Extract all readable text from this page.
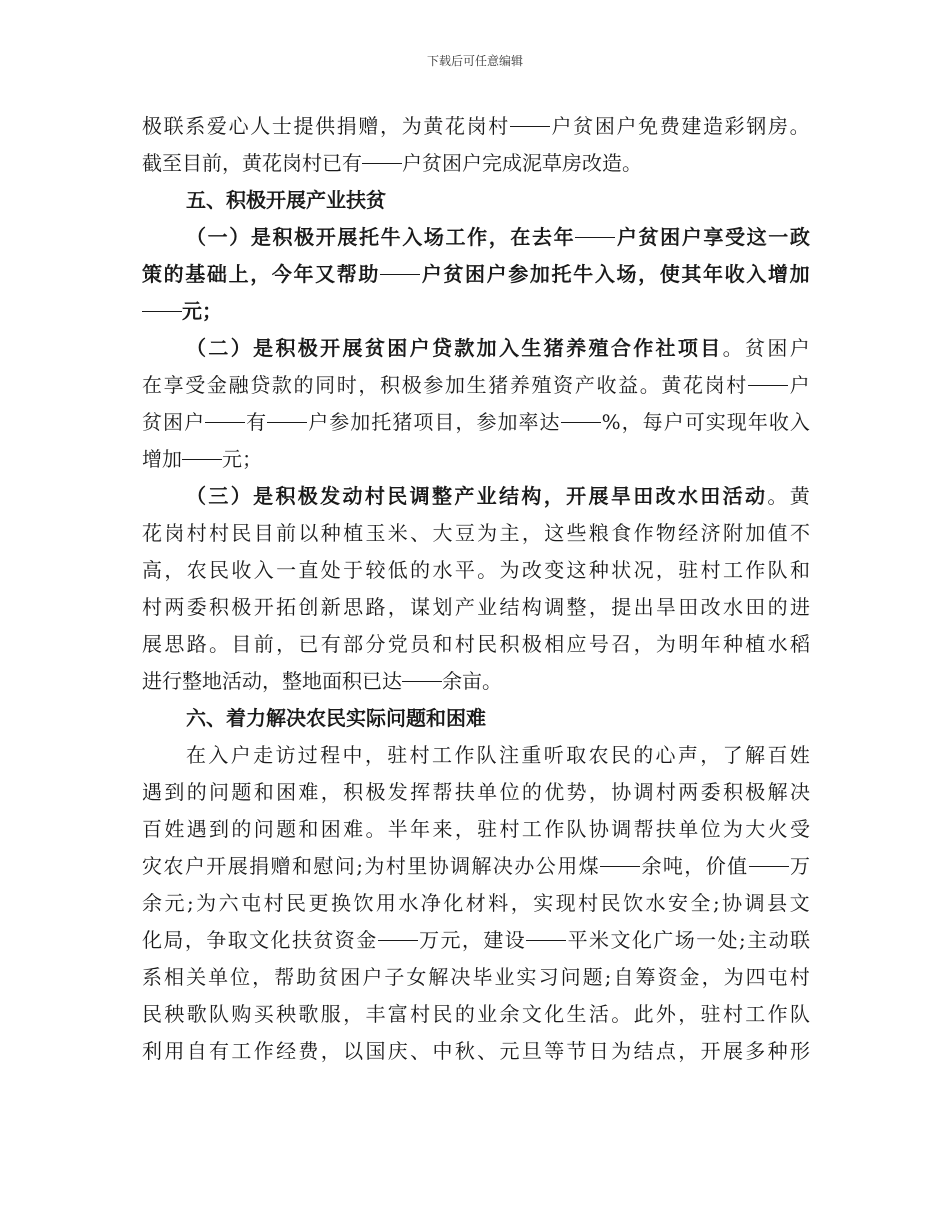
下载后可任意编辑
极 联 系 爱 心 人 士 提 供 捐 赠 ， 为 黄 花 岗 村 户 贫 困 户 免 费 建 造 彩 钢 房 。
截 至 目 前 ， 黄 花 岗 村 已 有 户 贫 困 户 完 成 泥 草 房 改 造 。
五 、 积 极 开 展 产 业 扶 贫
（ 一 ） 是 积 极 开 展 托 牛 入 场 工 作 ， 在 去 年 户 贫 困 户 享 受 这 一 政
策 的 基 础 上 ， 今 年 又 帮 助 户 贫 困 户 参 加 托 牛 入 场 ， 使 其 年 收 入 增 加
元 ；
（ 二 ） 是 积 极 开 展 贫 困 户 贷 款 加 入 生 猪 养 殖 合 作 社 项 目 。 贫 困 户
在 享 受 金 融 贷 款 的 同 时 ， 积 极 参 加 生 猪 养 殖 资 产 收 益 。 黄 花 岗 村 户
贫 困 户 有 户 参 加 托 猪 项 目 ， 参 加 率 达 % ， 每 户 可 实 现 年 收 入
增 加 元 ；
（ 三 ） 是 积 极 发 动 村 民 调 整 产 业 结 构 ， 开 展 旱 田 改 水 田 活 动 。 黄
花 岗 村 村 民 目 前 以 种 植 玉 米 、 大 豆 为 主 ， 这 些 粮 食 作 物 经 济 附 加 值 不
高 ， 农 民 收 入 一 直 处 于 较 低 的 水 平 。 为 改 变 这 种 状 况 ， 驻 村 工 作 队 和
村 两 委 积 极 开 拓 创 新 思 路 ， 谋 划 产 业 结 构 调 整 ， 提 出 旱 田 改 水 田 的 进
展 思 路 。 目 前 ， 已 有 部 分 党 员 和 村 民 积 极 相 应 号 召 ， 为 明 年 种 植 水 稻
进 行 整 地 活 动 ， 整 地 面 积 已 达 余 亩 。
六 、 着 力 解 决 农 民 实 际 问 题 和 困 难
在 入 户 走 访 过 程 中 ， 驻 村 工 作 队 注 重 听 取 农 民 的 心 声 ， 了 解 百 姓
遇 到 的 问 题 和 困 难 ， 积 极 发 挥 帮 扶 单 位 的 优 势 ， 协 调 村 两 委 积 极 解 决
百 姓 遇 到 的 问 题 和 困 难 。 半 年 来 ， 驻 村 工 作 队 协 调 帮 扶 单 位 为 大 火 受
灾 农 户 开 展 捐 赠 和 慰 问 ; 为 村 里 协 调 解 决 办 公 用 煤 余 吨 ， 价 值 万
余 元 ; 为 六 屯 村 民 更 换 饮 用 水 净 化 材 料 ， 实 现 村 民 饮 水 安 全 ; 协 调 县 文
化 局 ， 争 取 文 化 扶 贫 资 金 万 元 ， 建 设 平 米 文 化 广 场 一 处 ; 主 动 联
系 相 关 单 位 ， 帮 助 贫 困 户 子 女 解 决 毕 业 实 习 问 题 ; 自 筹 资 金 ， 为 四 屯 村
民 秧 歌 队 购 买 秧 歌 服 ， 丰 富 村 民 的 业 余 文 化 生 活 。 此 外 ， 驻 村 工 作 队
利 用 自 有 工 作 经 费 ， 以 国 庆 、 中 秋 、 元 旦 等 节 日 为 结 点 ， 开 展 多 种 形
